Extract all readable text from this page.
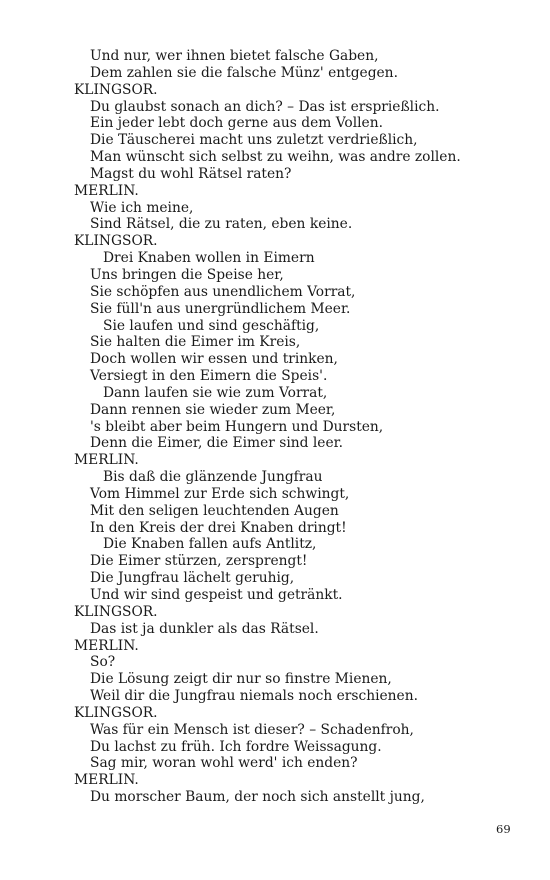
Und nur, wer ihnen bietet falsche Gaben,
Dem zahlen sie die falsche Münz' entgegen.
KLINGSOR.
Du glaubst sonach an dich? – Das ist ersprießlich.
Ein jeder lebt doch gerne aus dem Vollen.
Die Täuscherei macht uns zuletzt verdrießlich,
Man wünscht sich selbst zu weihn, was andre zollen.
Magst du wohl Rätsel raten?
MERLIN.
Wie ich meine,
Sind Rätsel, die zu raten, eben keine.
KLINGSOR.
Drei Knaben wollen in Eimern
Uns bringen die Speise her,
Sie schöpfen aus unendlichem Vorrat,
Sie füll'n aus unergründlichem Meer.
Sie laufen und sind geschäftig,
Sie halten die Eimer im Kreis,
Doch wollen wir essen und trinken,
Versiegt in den Eimern die Speis'.
Dann laufen sie wie zum Vorrat,
Dann rennen sie wieder zum Meer,
's bleibt aber beim Hungern und Dursten,
Denn die Eimer, die Eimer sind leer.
MERLIN.
Bis daß die glänzende Jungfrau
Vom Himmel zur Erde sich schwingt,
Mit den seligen leuchtenden Augen
In den Kreis der drei Knaben dringt!
Die Knaben fallen aufs Antlitz,
Die Eimer stürzen, zersprengt!
Die Jungfrau lächelt geruhig,
Und wir sind gespeist und getränkt.
KLINGSOR.
Das ist ja dunkler als das Rätsel.
MERLIN.
So?
Die Lösung zeigt dir nur so finstre Mienen,
Weil dir die Jungfrau niemals noch erschienen.
KLINGSOR.
Was für ein Mensch ist dieser? – Schadenfroh,
Du lachst zu früh. Ich fordre Weissagung.
Sag mir, woran wohl werd' ich enden?
MERLIN.
Du morscher Baum, der noch sich anstellt jung,
69
